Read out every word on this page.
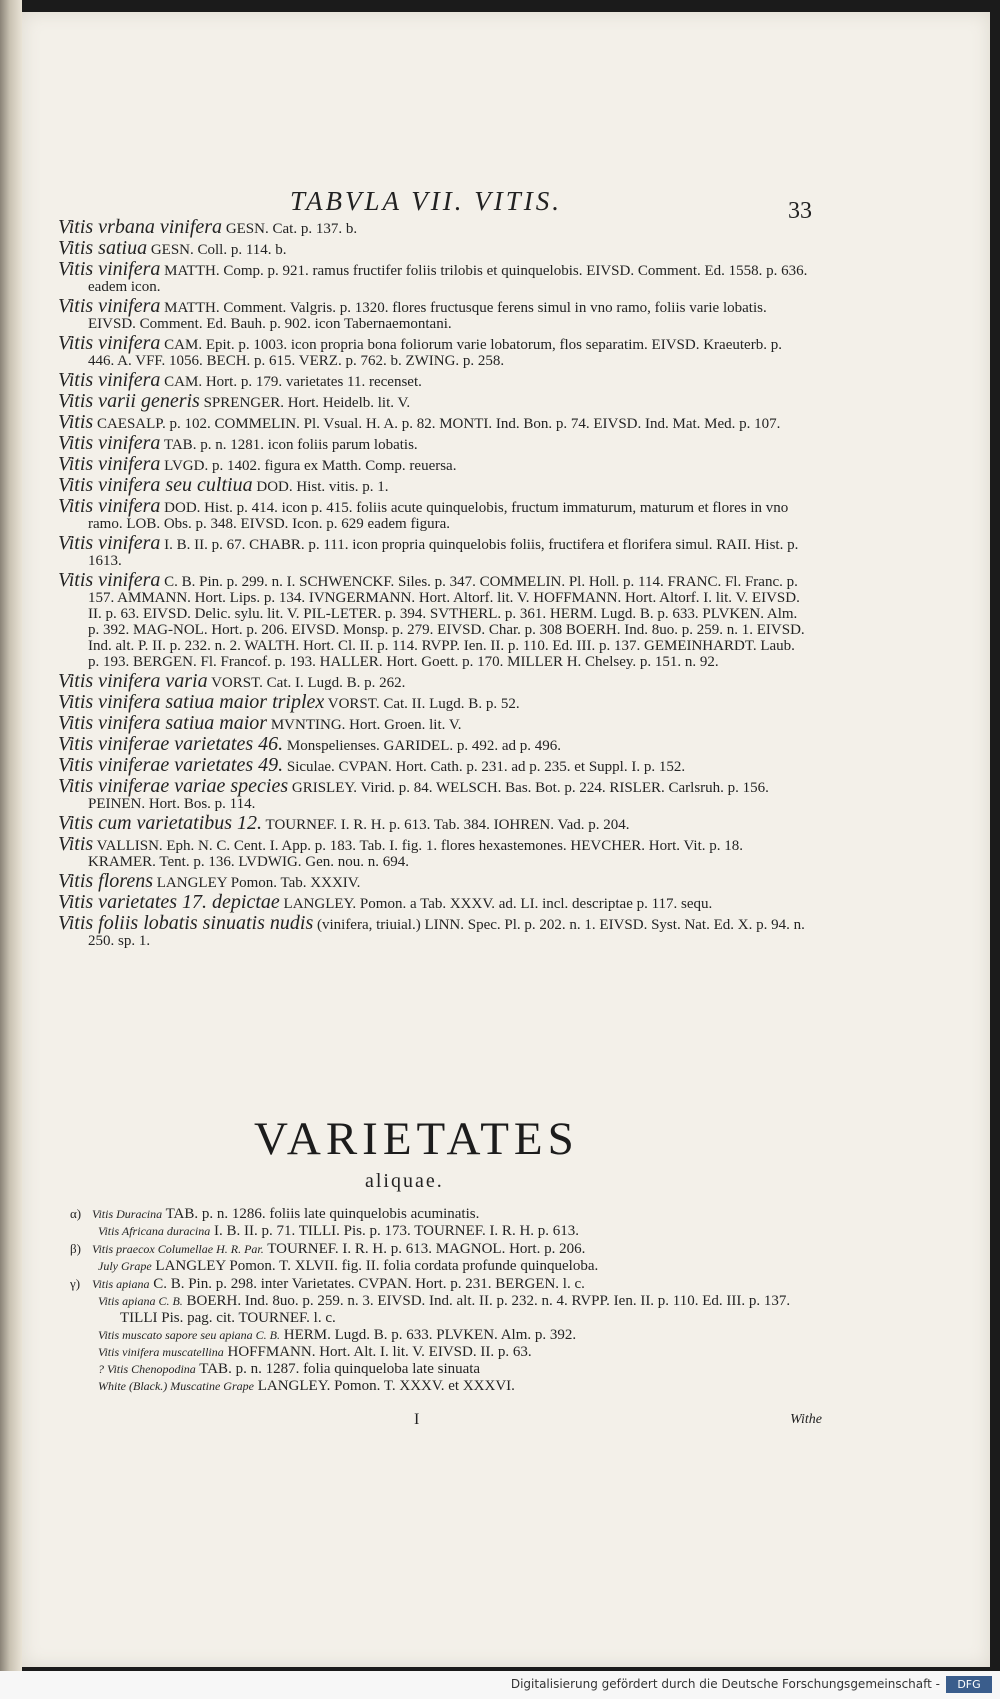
TABVLA VII. VITIS.	33

Vitis vrbana vinifera GESN. Cat. p. 137. b.

Vitis satiua GESN. Coll. p. 114. b.

Vitis vinifera MATTH. Comp. p. 921. ramus fructifer foliis trilobis et quinquelobis. EIVSD. Comment. Ed. 1558. p. 636. eadem icon.

Vitis vinifera MATTH. Comment. Valgris. p. 1320. flores fructusque ferens simul in vno ramo, foliis varie lobatis. EIVSD. Comment. Ed. Bauh. p. 902. icon Tabernaemontani.

Vitis vinifera CAM. Epit. p. 1003. icon propria bona foliorum varie lobatorum, flos separatim. EIVSD. Kraeuterb. p. 446. A. VFF. 1056. BECH. p. 615. VERZ. p. 762. b. ZWING. p. 258.

Vitis vinifera CAM. Hort. p. 179. varietates 11. recenset.

Vitis varii generis SPRENGER. Hort. Heidelb. lit. V.

Vitis CAESALP. p. 102. COMMELIN. Pl. Vsual. H. A. p. 82. MONTI. Ind. Bon. p. 74. EIVSD. Ind. Mat. Med. p. 107.

Vitis vinifera TAB. p. n. 1281. icon foliis parum lobatis.

Vitis vinifera LVGD. p. 1402. figura ex Matth. Comp. reuersa.

Vitis vinifera seu cultiua DOD. Hist. vitis. p. 1.

Vitis vinifera DOD. Hist. p. 414. icon p. 415. foliis acute quinquelobis, fructum immaturum, maturum et flores in vno ramo. LOB. Obs. p. 348. EIVSD. Icon. p. 629 eadem figura.

Vitis vinifera I. B. II. p. 67. CHABR. p. 111. icon propria quinquelobis foliis, fructifera et florifera simul. RAII. Hist. p. 1613.

Vitis vinifera C. B. Pin. p. 299. n. I. SCHWENCKF. Siles. p. 347. COMMELIN. Pl. Holl. p. 114. FRANC. Fl. Franc. p. 157. AMMANN. Hort. Lips. p. 134. IVNGERMANN. Hort. Altorf. lit. V. HOFFMANN. Hort. Altorf. I. lit. V. EIVSD. II. p. 63. EIVSD. Delic. sylu. lit. V. PIL-LETER. p. 394. SVTHERL. p. 361. HERM. Lugd. B. p. 633. PLVKEN. Alm. p. 392. MAG-NOL. Hort. p. 206. EIVSD. Monsp. p. 279. EIVSD. Char. p. 308 BOERH. Ind. 8uo. p. 259. n. 1. EIVSD. Ind. alt. P. II. p. 232. n. 2. WALTH. Hort. Cl. II. p. 114. RVPP. Ien. II. p. 110. Ed. III. p. 137. GEMEINHARDT. Laub. p. 193. BERGEN. Fl. Francof. p. 193. HALLER. Hort. Goett. p. 170. MILLER H. Chelsey. p. 151. n. 92.

Vitis vinifera varia VORST. Cat. I. Lugd. B. p. 262.

Vitis vinifera satiua maior triplex VORST. Cat. II. Lugd. B. p. 52.

Vitis vinifera satiua maior MVNTING. Hort. Groen. lit. V.

Vitis viniferae varietates 46. Monspelienses. GARIDEL. p. 492. ad p. 496.

Vitis viniferae varietates 49. Siculae. CVPAN. Hort. Cath. p. 231. ad p. 235. et Suppl. I. p. 152.

Vitis viniferae variae species GRISLEY. Virid. p. 84. WELSCH. Bas. Bot. p. 224. RISLER. Carlsruh. p. 156. PEINEN. Hort. Bos. p. 114.

Vitis cum varietatibus 12. TOURNEF. I. R. H. p. 613. Tab. 384. IOHREN. Vad. p. 204.

Vitis VALLISN. Eph. N. C. Cent. I. App. p. 183. Tab. I. fig. 1. flores hexastemones. HEVCHER. Hort. Vit. p. 18. KRAMER. Tent. p. 136. LVDWIG. Gen. nou. n. 694.

Vitis florens LANGLEY Pomon. Tab. XXXIV.

Vitis varietates 17. depictae LANGLEY. Pomon. a Tab. XXXV. ad. LI. incl. descriptae p. 117. sequ.

Vitis foliis lobatis sinuatis nudis (vinifera, triuial.) LINN. Spec. Pl. p. 202. n. 1. EIVSD. Syst. Nat. Ed. X. p. 94. n. 250. sp. 1.

VARIETATES
aliquae.

α) Vitis Duracina TAB. p. n. 1286. foliis late quinquelobis acuminatis.

Vitis Africana duracina I. B. II. p. 71. TILLI. Pis. p. 173. TOURNEF. I. R. H. p. 613.

β) Vitis praecox Columellae H. R. Par. TOURNEF. I. R. H. p. 613. MAGNOL. Hort. p. 206.

July Grape LANGLEY Pomon. T. XLVII. fig. II. folia cordata profunde quinqueloba.

γ) Vitis apiana C. B. Pin. p. 298. inter Varietates. CVPAN. Hort. p. 231. BERGEN. l. c.

Vitis apiana C. B. BOERH. Ind. 8uo. p. 259. n. 3. EIVSD. Ind. alt. II. p. 232. n. 4. RVPP. Ien. II. p. 110. Ed. III. p. 137. TILLI Pis. pag. cit. TOURNEF. l. c.

Vitis muscato sapore seu apiana C. B. HERM. Lugd. B. p. 633. PLVKEN. Alm. p. 392.

Vitis vinifera muscatellina HOFFMANN. Hort. Alt. I. lit. V. EIVSD. II. p. 63.

? Vitis Chenopodina TAB. p. n. 1287. folia quinqueloba late sinuata

White (Black.) Muscatine Grape LANGLEY. Pomon. T. XXXV. et XXXVI.

I	Withe
Digitalisierung gefördert durch die Deutsche Forschungsgemeinschaft -	DFG
